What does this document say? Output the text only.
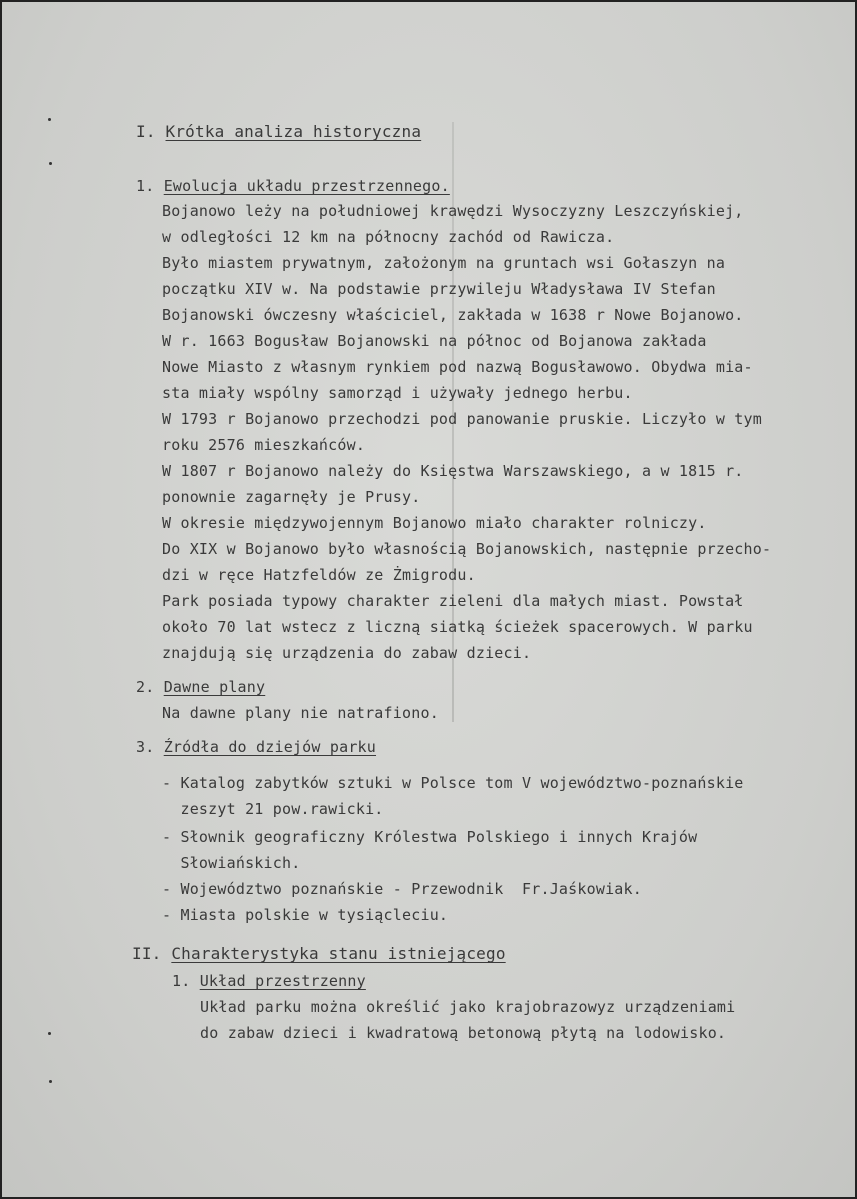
I. Krótka analiza historyczna
1. Ewolucja układu przestrzennego.
Bojanowo leży na południowej krawędzi Wysoczyzny Leszczyńskiej,
w odległości 12 km na północny zachód od Rawicza.
Było miastem prywatnym, założonym na gruntach wsi Gołaszyn na
początku XIV w. Na podstawie przywileju Władysława IV Stefan
Bojanowski ówczesny właściciel, zakłada w 1638 r Nowe Bojanowo.
W r. 1663 Bogusław Bojanowski na północ od Bojanowa zakłada
Nowe Miasto z własnym rynkiem pod nazwą Bogusławowo. Obydwa mia-
sta miały wspólny samorząd i używały jednego herbu.
W 1793 r Bojanowo przechodzi pod panowanie pruskie. Liczyło w tym
roku 2576 mieszkańców.
W 1807 r Bojanowo należy do Księstwa Warszawskiego, a w 1815 r.
ponownie zagarnęły je Prusy.
W okresie międzywojennym Bojanowo miało charakter rolniczy.
Do XIX w Bojanowo było własnością Bojanowskich, następnie przecho-
dzi w ręce Hatzfeldów ze Żmigrodu.
Park posiada typowy charakter zieleni dla małych miast. Powstał
około 70 lat wstecz z liczną siatką ścieżek spacerowych. W parku
znajdują się urządzenia do zabaw dzieci.
2. Dawne plany
Na dawne plany nie natrafiono.
3. Źródła do dziejów parku
- Katalog zabytków sztuki w Polsce tom V województwo-poznańskie
zeszyt 21 pow.rawicki.
- Słownik geograficzny Królestwa Polskiego i innych Krajów
Słowiańskich.
- Województwo poznańskie - Przewodnik  Fr.Jaśkowiak.
- Miasta polskie w tysiącleciu.
II. Charakterystyka stanu istniejącego
1. Układ przestrzenny
Układ parku można określić jako krajobrazowyz urządzeniami
do zabaw dzieci i kwadratową betonową płytą na lodowisko.
